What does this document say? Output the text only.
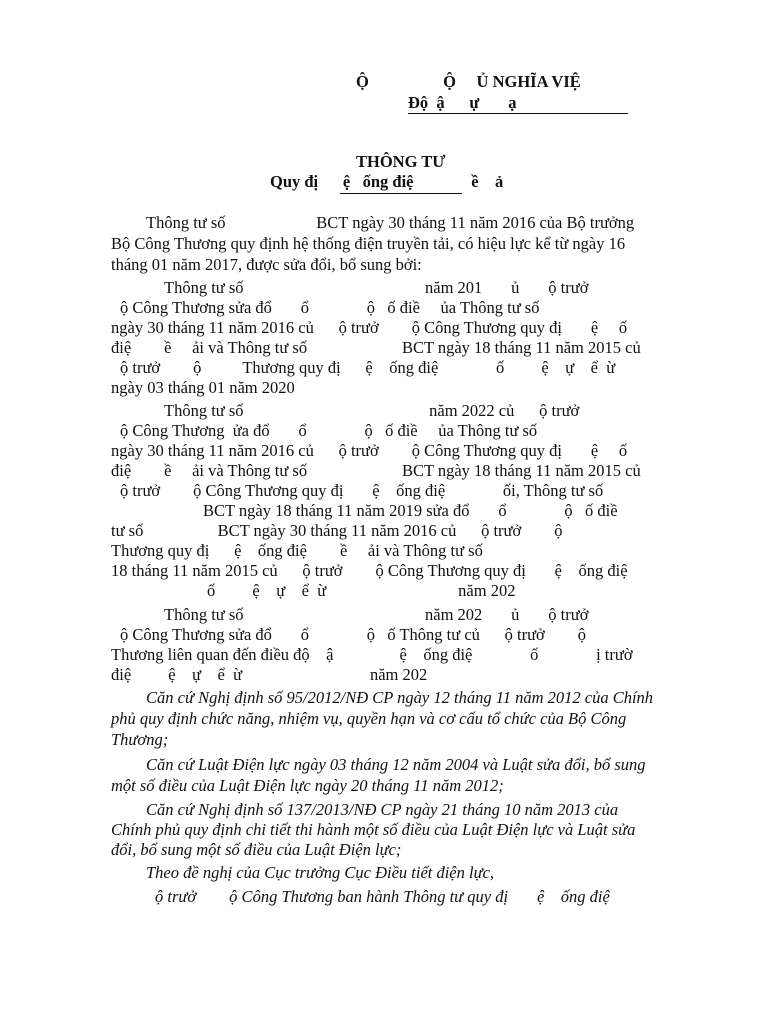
Ộ                  Ộ     Ủ NGHĨA VIỆ
Độ  ậ      ự       ạ
THÔNG TƯ
Quy đị      ệ   ống điệ              ề    ả
Thông tư số                      BCT ngày 30 tháng 11 năm 2016 của Bộ trưởng
Bộ Công Thương quy định hệ thống điện truyền tải, có hiệu lực kể từ ngày 16
tháng 01 năm 2017, được sửa đổi, bổ sung bởi:
Thông tư số                                            năm 201       ủ       ộ trưở
ộ Công Thương sửa đổ       ổ              ộ   ố điề     ủa Thông tư số
ngày 30 tháng 11 năm 2016 củ      ộ trưở        ộ Công Thương quy đị       ệ     ố
điệ        ề     ải và Thông tư số                       BCT ngày 18 tháng 11 năm 2015 củ
ộ trưở        ộ          Thương quy đị      ệ    ống điệ              ố         ệ    ự    ể  ừ
ngày 03 tháng 01 năm 2020
Thông tư số                                             năm 2022 củ      ộ trưở
ộ Công Thương  ửa đổ       ổ              ộ   ố điề     ủa Thông tư số
ngày 30 tháng 11 năm 2016 củ      ộ trưở        ộ Công Thương quy đị       ệ     ố
điệ        ề     ải và Thông tư số                       BCT ngày 18 tháng 11 năm 2015 củ
ộ trưở        ộ Công Thương quy đị       ệ    ống điệ              ối, Thông tư số
BCT ngày 18 tháng 11 năm 2019 sửa đổ       ổ              ộ   ố điề
tư số                  BCT ngày 30 tháng 11 năm 2016 củ      ộ trưở        ộ
Thương quy đị      ệ    ống điệ        ề     ải và Thông tư số
18 tháng 11 năm 2015 củ      ộ trưở        ộ Công Thương quy đị       ệ    ống điệ
ố         ệ    ự    ể  ừ                                năm 202
Thông tư số                                            năm 202       ủ       ộ trưở
ộ Công Thương sửa đổ       ổ              ộ   ố Thông tư củ      ộ trưở        ộ
Thương liên quan đến điều độ    ậ                ệ    ống điệ              ố              ị trườ
điệ         ệ    ự    ể  ừ                               năm 202
Căn cứ Nghị định số 95/2012/NĐ CP ngày 12 tháng 11 năm 2012 của Chính
phủ quy định chức năng, nhiệm vụ, quyền hạn và cơ cấu tổ chức của Bộ Công
Thương;
Căn cứ Luật Điện lực ngày 03 tháng 12 năm 2004 và Luật sửa đổi, bổ sung
một số điều của Luật Điện lực ngày 20 tháng 11 năm 2012;
Căn cứ Nghị định số 137/2013/NĐ CP ngày 21 tháng 10 năm 2013 của
Chính phủ quy định chi tiết thi hành một số điều của Luật Điện lực và Luật sửa
đổi, bổ sung một số điều của Luật Điện lực;
Theo đề nghị của Cục trưởng Cục Điều tiết điện lực,
ộ trưở        ộ Công Thương ban hành Thông tư quy đị       ệ    ống điệ
